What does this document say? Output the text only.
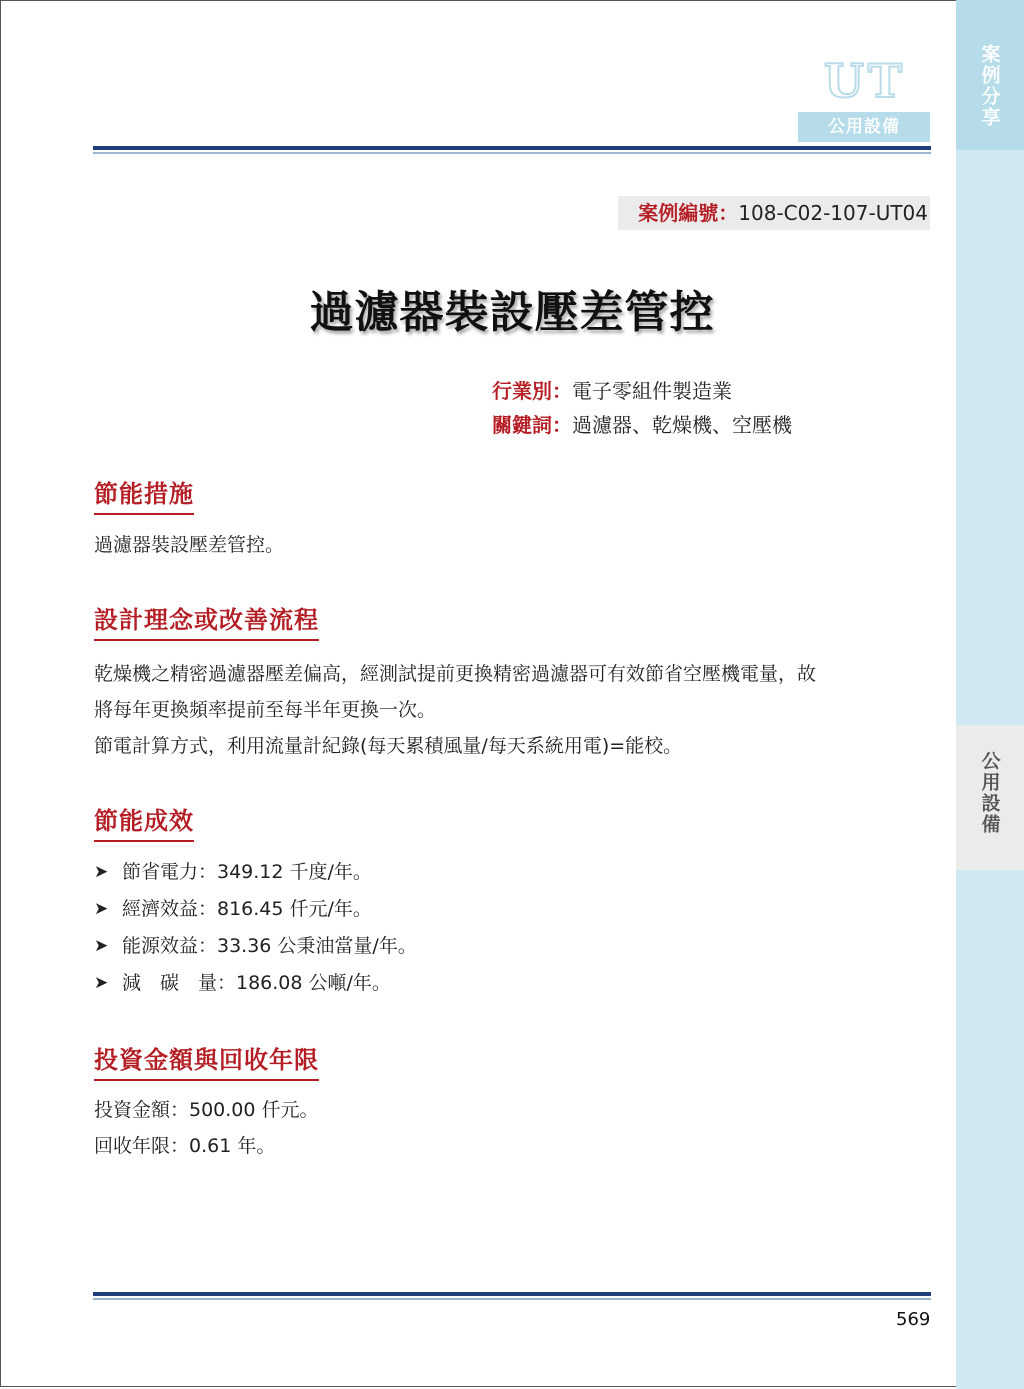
案例分享
公用設備
UT
公用設備
案例編號：108-C02-107-UT04
過濾器裝設壓差管控
行業別：電子零組件製造業
關鍵詞：過濾器、乾燥機、空壓機
節能措施
過濾器裝設壓差管控。
設計理念或改善流程
乾燥機之精密過濾器壓差偏高，經測試提前更換精密過濾器可有效節省空壓機電量，故
將每年更換頻率提前至每半年更換一次。
節電計算方式，利用流量計紀錄(每天累積風量/每天系統用電)=能校。
節能成效
➤ 節省電力：349.12 千度/年。
➤ 經濟效益：816.45 仟元/年。
➤ 能源效益：33.36 公秉油當量/年。
➤ 減　碳　量：186.08 公噸/年。
投資金額與回收年限
投資金額：500.00 仟元。
回收年限：0.61 年。
569
